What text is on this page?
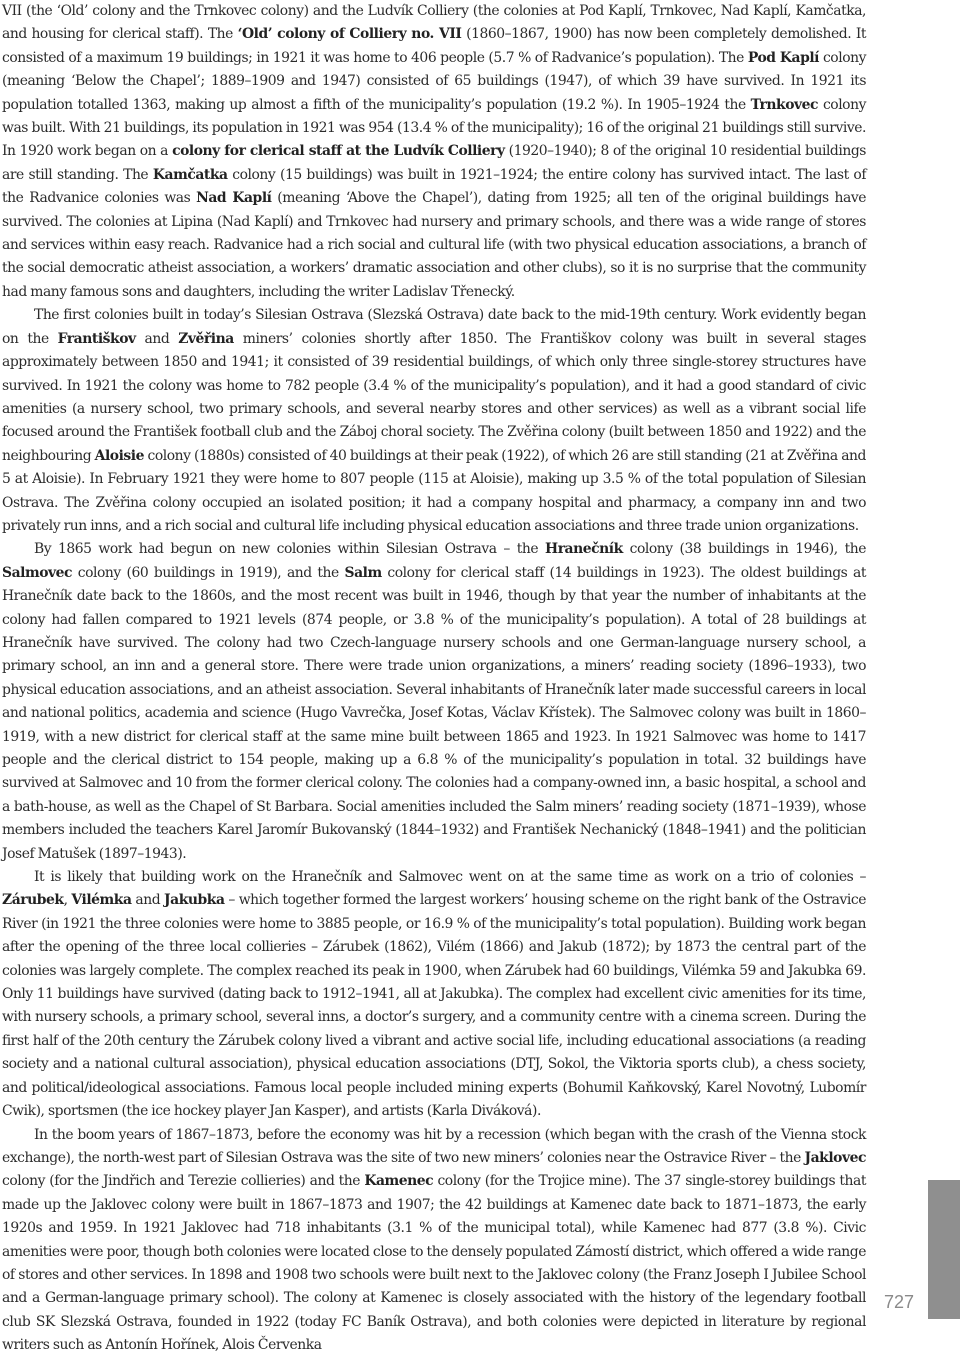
VII (the ‘Old’ colony and the Trnkovec colony) and the Ludvík Colliery (the colonies at Pod Kaplí, Trnkovec, Nad Kaplí, Kamčatka, and housing for clerical staff). The ‘Old’ colony of Colliery no. VII (1860–1867, 1900) has now been completely demolished. It consisted of a maximum 19 buildings; in 1921 it was home to 406 people (5.7 % of Radvanice’s population). The Pod Kaplí colony (meaning ‘Below the Chapel’; 1889–1909 and 1947) consisted of 65 buildings (1947), of which 39 have survived. In 1921 its population totalled 1363, making up almost a fifth of the municipality’s population (19.2 %). In 1905–1924 the Trnkovec colony was built. With 21 buildings, its population in 1921 was 954 (13.4 % of the municipality); 16 of the original 21 buildings still survive. In 1920 work began on a colony for clerical staff at the Ludvík Colliery (1920–1940); 8 of the original 10 residential buildings are still standing. The Kamčatka colony (15 buildings) was built in 1921–1924; the entire colony has survived intact. The last of the Radvanice colonies was Nad Kaplí (meaning ‘Above the Chapel’), dating from 1925; all ten of the original buildings have survived. The colonies at Lipina (Nad Kaplí) and Trnkovec had nursery and primary schools, and there was a wide range of stores and services within easy reach. Radvanice had a rich social and cultural life (with two physical education associations, a branch of the social democratic atheist association, a workers’ dramatic association and other clubs), so it is no surprise that the community had many famous sons and daughters, including the writer Ladislav Třenecký.

The first colonies built in today’s Silesian Ostrava (Slezská Ostrava) date back to the mid-19th century. Work evidently began on the Františkov and Zvěřina miners’ colonies shortly after 1850. The Františkov colony was built in several stages approximately between 1850 and 1941; it consisted of 39 residential buildings, of which only three single-storey structures have survived. In 1921 the colony was home to 782 people (3.4 % of the municipality’s population), and it had a good standard of civic amenities (a nursery school, two primary schools, and several nearby stores and other services) as well as a vibrant social life focused around the František football club and the Záboj choral society. The Zvěřina colony (built between 1850 and 1922) and the neighbouring Aloisie colony (1880s) consisted of 40 buildings at their peak (1922), of which 26 are still standing (21 at Zvěřina and 5 at Aloisie). In February 1921 they were home to 807 people (115 at Aloisie), making up 3.5 % of the total population of Silesian Ostrava. The Zvěřina colony occupied an isolated position; it had a company hospital and pharmacy, a company inn and two privately run inns, and a rich social and cultural life including physical education associations and three trade union organizations.

By 1865 work had begun on new colonies within Silesian Ostrava – the Hranečník colony (38 buildings in 1946), the Salmovec colony (60 buildings in 1919), and the Salm colony for clerical staff (14 buildings in 1923). The oldest buildings at Hranečník date back to the 1860s, and the most recent was built in 1946, though by that year the number of inhabitants at the colony had fallen compared to 1921 levels (874 people, or 3.8 % of the municipality’s population). A total of 28 buildings at Hranečník have survived. The colony had two Czech-language nursery schools and one German-language nursery school, a primary school, an inn and a general store. There were trade union organizations, a miners’ reading society (1896–1933), two physical education associations, and an atheist association. Several inhabitants of Hranečník later made successful careers in local and national politics, academia and science (Hugo Vavrečka, Josef Kotas, Václav Křístek). The Salmovec colony was built in 1860–1919, with a new district for clerical staff at the same mine built between 1865 and 1923. In 1921 Salmovec was home to 1417 people and the clerical district to 154 people, making up a 6.8 % of the municipality’s population in total. 32 buildings have survived at Salmovec and 10 from the former clerical colony. The colonies had a company-owned inn, a basic hospital, a school and a bath-house, as well as the Chapel of St Barbara. Social amenities included the Salm miners’ reading society (1871–1939), whose members included the teachers Karel Jaromír Bukovanský (1844–1932) and František Nechanický (1848–1941) and the politician Josef Matušek (1897–1943).

It is likely that building work on the Hranečník and Salmovec went on at the same time as work on a trio of colonies – Zárubek, Vilémka and Jakubka – which together formed the largest workers’ housing scheme on the right bank of the Ostravice River (in 1921 the three colonies were home to 3885 people, or 16.9 % of the municipality’s total population). Building work began after the opening of the three local collieries – Zárubek (1862), Vilém (1866) and Jakub (1872); by 1873 the central part of the colonies was largely complete. The complex reached its peak in 1900, when Zárubek had 60 buildings, Vilémka 59 and Jakubka 69. Only 11 buildings have survived (dating back to 1912–1941, all at Jakubka). The complex had excellent civic amenities for its time, with nursery schools, a primary school, several inns, a doctor’s surgery, and a community centre with a cinema screen. During the first half of the 20th century the Zárubek colony lived a vibrant and active social life, including educational associations (a reading society and a national cultural association), physical education associations (DTJ, Sokol, the Viktoria sports club), a chess society, and political/ideological associations. Famous local people included mining experts (Bohumil Kaňkovský, Karel Novotný, Lubomír Cwik), sportsmen (the ice hockey player Jan Kasper), and artists (Karla Diváková).

In the boom years of 1867–1873, before the economy was hit by a recession (which began with the crash of the Vienna stock exchange), the north-west part of Silesian Ostrava was the site of two new miners’ colonies near the Ostravice River – the Jaklovec colony (for the Jindřich and Terezie collieries) and the Kamenec colony (for the Trojice mine). The 37 single-storey buildings that made up the Jaklovec colony were built in 1867–1873 and 1907; the 42 buildings at Kamenec date back to 1871–1873, the early 1920s and 1959. In 1921 Jaklovec had 718 inhabitants (3.1 % of the municipal total), while Kamenec had 877 (3.8 %). Civic amenities were poor, though both colonies were located close to the densely populated Zámostí district, which offered a wide range of stores and other services. In 1898 and 1908 two schools were built next to the Jaklovec colony (the Franz Joseph I Jubilee School and a German-language primary school). The colony at Kamenec is closely associated with the history of the legendary football club SK Slezská Ostrava, founded in 1922 (today FC Baník Ostrava), and both colonies were depicted in literature by regional writers such as Antonín Hořínek, Alois Červenka

727
